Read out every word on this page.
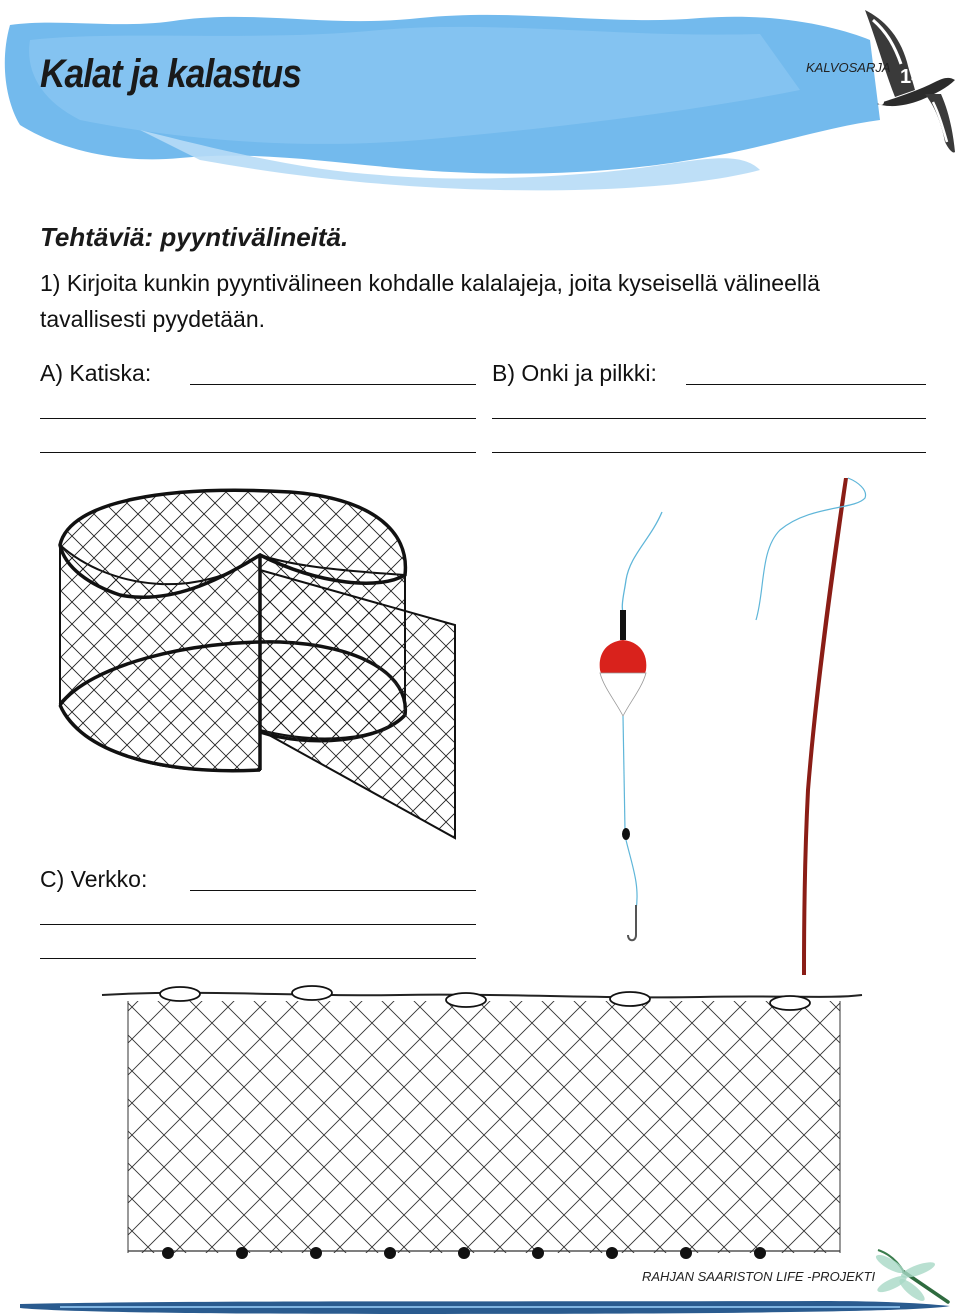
Kalat ja kalastus	KALVOSARJA 14
Tehtäviä: pyyntivälineitä.
1) Kirjoita kunkin pyyntivälineen kohdalle kalalajeja, joita kyseisellä välineellä
tavallisesti pyydetään.
A) Katiska:	B) Onki ja pilkki:
C) Verkko:
RAHJAN SAARISTON LIFE -PROJEKTI
